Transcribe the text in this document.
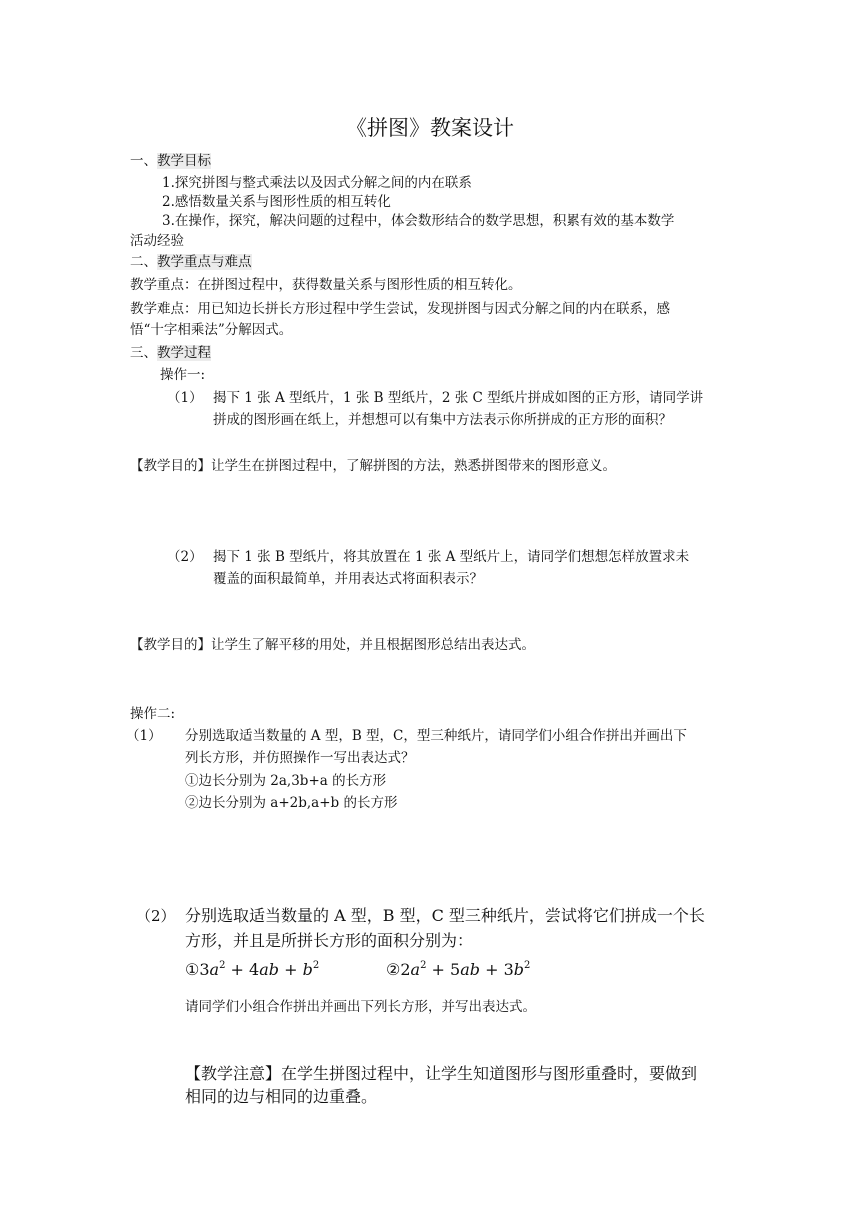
《拼图》教案设计
一、教学目标
1.探究拼图与整式乘法以及因式分解之间的内在联系
2.感悟数量关系与图形性质的相互转化
3.在操作，探究，解决问题的过程中，体会数形结合的数学思想，积累有效的基本数学
活动经验
二、教学重点与难点
教学重点：在拼图过程中，获得数量关系与图形性质的相互转化。
教学难点：用已知边长拼长方形过程中学生尝试，发现拼图与因式分解之间的内在联系，感
悟“十字相乘法”分解因式。
三、教学过程
操作一:
（1） 揭下 1 张 A 型纸片，1 张 B 型纸片，2 张 C 型纸片拼成如图的正方形，请同学讲
拼成的图形画在纸上，并想想可以有集中方法表示你所拼成的正方形的面积？
【教学目的】让学生在拼图过程中，了解拼图的方法，熟悉拼图带来的图形意义。
（2） 揭下 1 张 B 型纸片，将其放置在 1 张 A 型纸片上，请同学们想想怎样放置求未
覆盖的面积最简单，并用表达式将面积表示？
【教学目的】让学生了解平移的用处，并且根据图形总结出表达式。
操作二:
（1） 分别选取适当数量的 A 型，B 型，C，型三种纸片，请同学们小组合作拼出并画出下
列长方形，并仿照操作一写出表达式？
①边长分别为 2a,3b+a 的长方形
②边长分别为 a+2b,a+b 的长方形
（2） 分别选取适当数量的 A 型，B 型，C 型三种纸片，尝试将它们拼成一个长
方形，并且是所拼长方形的面积分别为：
$①3a^2 + 4ab + b^2$	$②2a^2 + 5ab + 3b^2$
请同学们小组合作拼出并画出下列长方形，并写出表达式。
【教学注意】在学生拼图过程中，让学生知道图形与图形重叠时，要做到
相同的边与相同的边重叠。
